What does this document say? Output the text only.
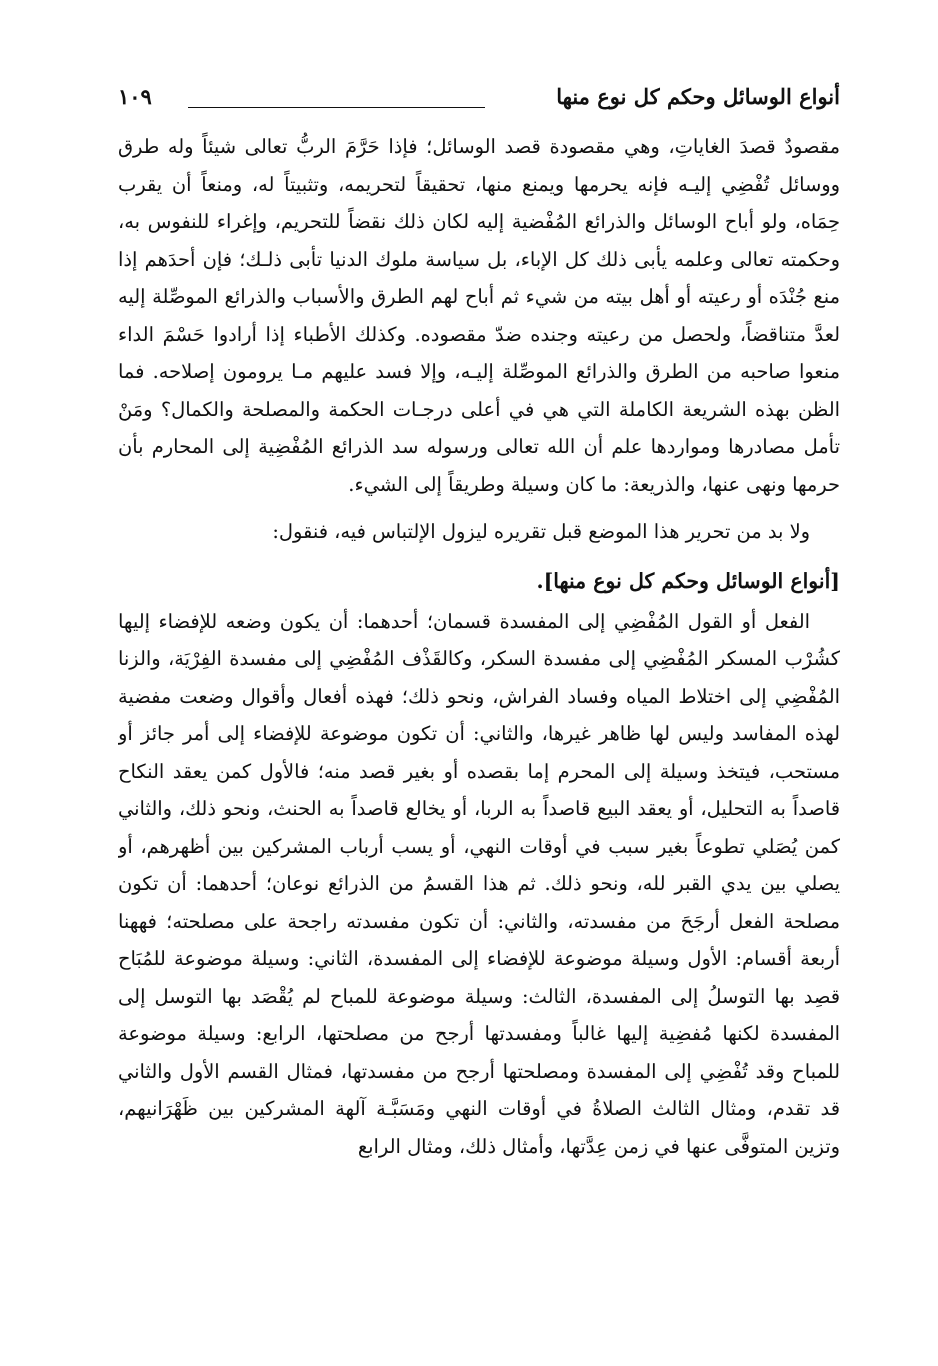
أنواع الوسائل وحكم كل نوع منها
١٠٩

مقصودٌ قصدَ الغاياتِ، وهي مقصودة قصد الوسائل؛ فإذا حَرَّمَ الربُّ تعالى شيئاً وله طرق ووسائل تُفْضِي إليـه فإنه يحرمها ويمنع منها، تحقيقاً لتحريمه، وتثبيتاً له، ومنعاً أن يقرب حِمَاه، ولو أباح الوسائل والذرائع المُفْضية إليه لكان ذلك نقضاً للتحريم، وإغراء للنفوس به، وحكمته تعالى وعلمه يأبى ذلك كل الإباء، بل سياسة ملوك الدنيا تأبى ذلـك؛ فإن أحدَهم إذا منع جُنْدَه أو رعيته أو أهل بيته من شيء ثم أباح لهم الطرق والأسباب والذرائع الموصِّلة إليه لعدَّ متناقضاً، ولحصل من رعيته وجنده ضدّ مقصوده. وكذلك الأطباء إذا أرادوا حَسْمَ الداء منعوا صاحبه من الطرق والذرائع الموصِّلة إليـه، وإلا فسد عليهم مـا يرومون إصلاحه. فما الظن بهذه الشريعة الكاملة التي هي في أعلى درجـات الحكمة والمصلحة والكمال؟ ومَنْ تأمل مصادرها ومواردها علم أن الله تعالى ورسوله سد الذرائع المُفْضِية إلى المحارم بأن حرمها ونهى عنها، والذريعة: ما كان وسيلة وطريقاً إلى الشيء.

ولا بد من تحرير هذا الموضع قبل تقريره ليزول الإلتباس فيه، فنقول:

[أنواع الوسائل وحكم كل نوع منها].

الفعل أو القول المُفْضِي إلى المفسدة قسمان؛ أحدهما: أن يكون وضعه للإفضاء إليها كشُرْب المسكر المُفْضِي إلى مفسدة السكر، وكالقَذْف المُفْضِي إلى مفسدة الفِرْيَة، والزنا المُفْضِي إلى اختلاط المياه وفساد الفراش، ونحو ذلك؛ فهذه أفعال وأقوال وضعت مفضية لهذه المفاسد وليس لها ظاهر غيرها، والثاني: أن تكون موضوعة للإفضاء إلى أمر جائز أو مستحب، فيتخذ وسيلة إلى المحرم إما بقصده أو بغير قصد منه؛ فالأول كمن يعقد النكاح قاصداً به التحليل، أو يعقد البيع قاصداً به الربا، أو يخالع قاصداً به الحنث، ونحو ذلك، والثاني كمن يُصَلي تطوعاً بغير سبب في أوقات النهي، أو يسب أرباب المشركين بين أظهرهم، أو يصلي بين يدي القبر لله، ونحو ذلك. ثم هذا القسمُ من الذرائع نوعان؛ أحدهما: أن تكون مصلحة الفعل أرجَحَ من مفسدته، والثاني: أن تكون مفسدته راجحة على مصلحته؛ فههنا أربعة أقسام: الأول وسيلة موضوعة للإفضاء إلى المفسدة، الثاني: وسيلة موضوعة للمُبَاح قصِد بها التوسلُ إلى المفسدة، الثالث: وسيلة موضوعة للمباح لم يُقْصَد بها التوسل إلى المفسدة لكنها مُفضِية إليها غالباً ومفسدتها أرجح من مصلحتها، الرابع: وسيلة موضوعة للمباح وقد تُفْضِي إلى المفسدة ومصلحتها أرجح من مفسدتها، فمثال القسم الأول والثاني قد تقدم، ومثال الثالث الصلاةُ في أوقات النهي ومَسَبَّـة آلهة المشركين بين ظَهْرَانيهم، وتزين المتوفَّى عنها في زمن عِدَّتها، وأمثال ذلك، ومثال الرابع
